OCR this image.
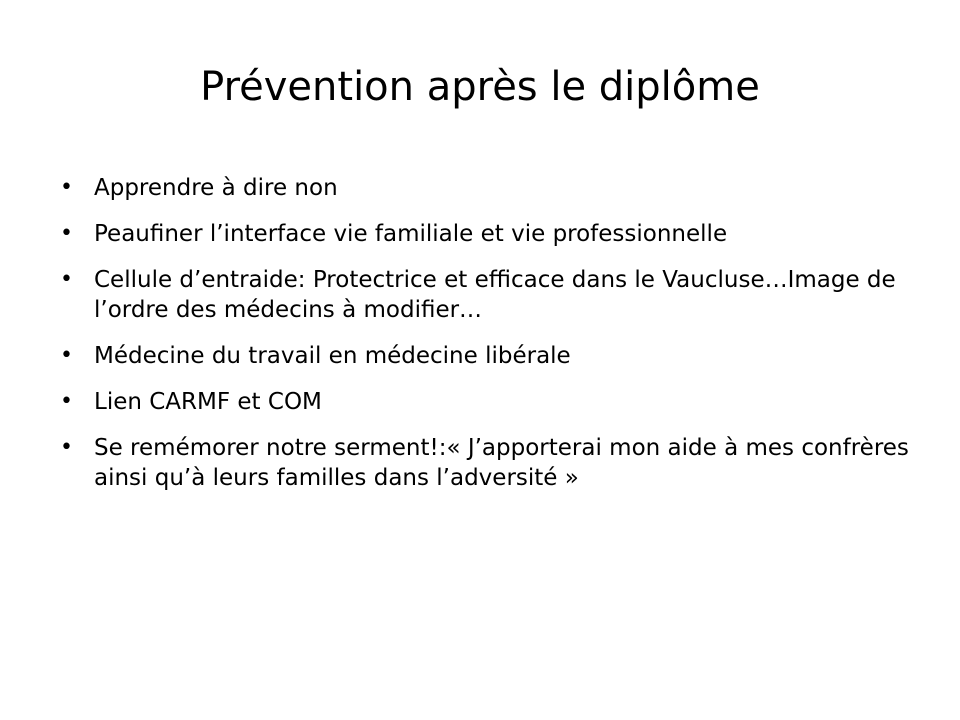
Prévention après le diplôme
• Apprendre à dire non
• Peaufiner l’interface vie familiale et vie professionnelle
• Cellule d’entraide: Protectrice et efficace dans le Vaucluse…Image de l’ordre des médecins à modifier…
• Médecine du travail en médecine libérale
• Lien CARMF et COM
• Se remémorer notre serment!:« J’apporterai mon aide à mes confrères ainsi qu’à leurs familles dans l’adversité »
